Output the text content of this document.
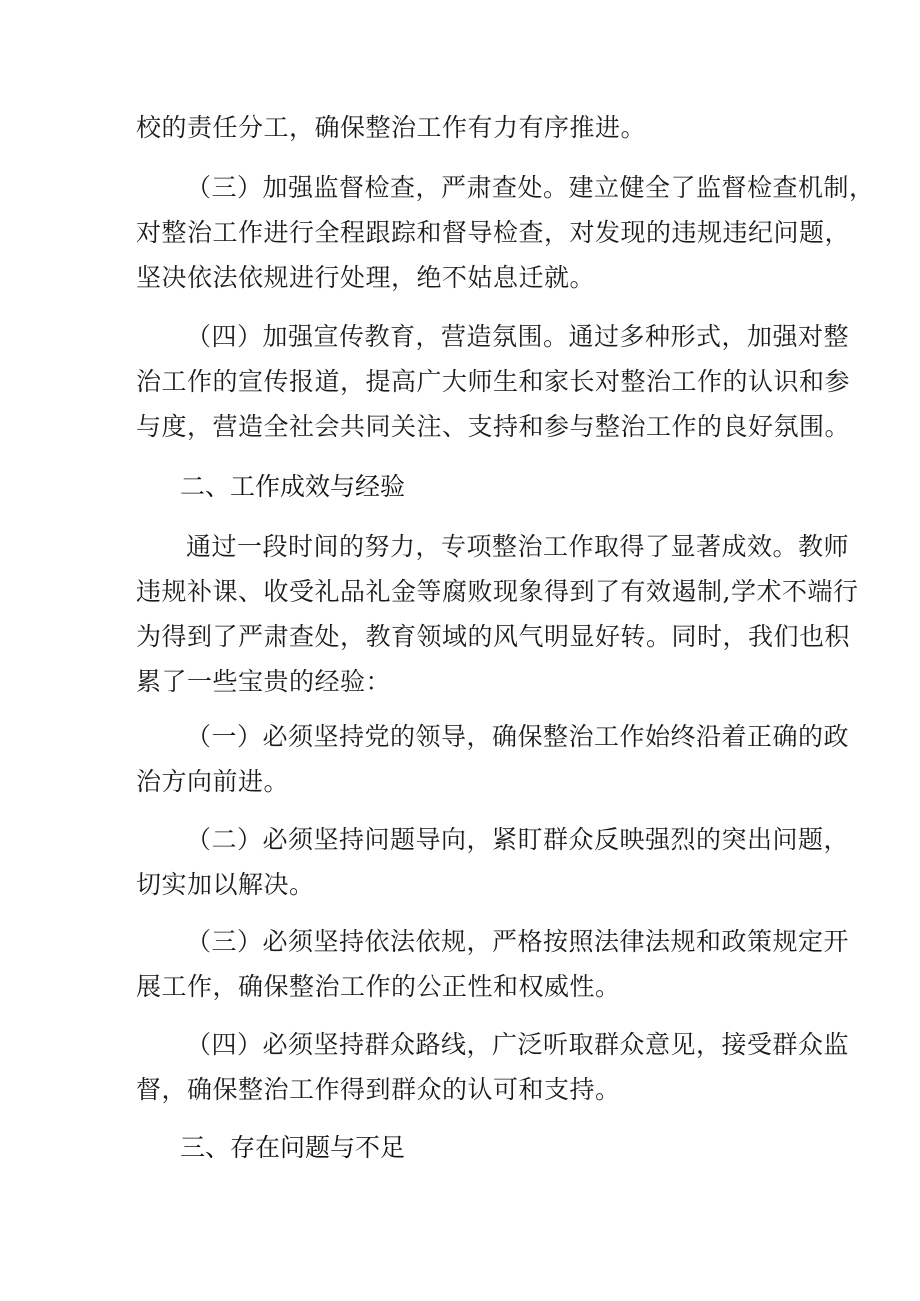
校的责任分工，确保整治工作有力有序推进。
（三）加强监督检查，严肃查处。建立健全了监督检查机制，
对整治工作进行全程跟踪和督导检查，对发现的违规违纪问题，
坚决依法依规进行处理，绝不姑息迁就。
（四）加强宣传教育，营造氛围。通过多种形式，加强对整
治工作的宣传报道，提高广大师生和家长对整治工作的认识和参
与度，营造全社会共同关注、支持和参与整治工作的良好氛围。
二、工作成效与经验
通过一段时间的努力，专项整治工作取得了显著成效。教师
违规补课、收受礼品礼金等腐败现象得到了有效遏制,学术不端行
为得到了严肃查处，教育领域的风气明显好转。同时，我们也积
累了一些宝贵的经验：
（一）必须坚持党的领导，确保整治工作始终沿着正确的政
治方向前进。
（二）必须坚持问题导向，紧盯群众反映强烈的突出问题，
切实加以解决。
（三）必须坚持依法依规，严格按照法律法规和政策规定开
展工作，确保整治工作的公正性和权威性。
（四）必须坚持群众路线，广泛听取群众意见，接受群众监
督，确保整治工作得到群众的认可和支持。
三、存在问题与不足
